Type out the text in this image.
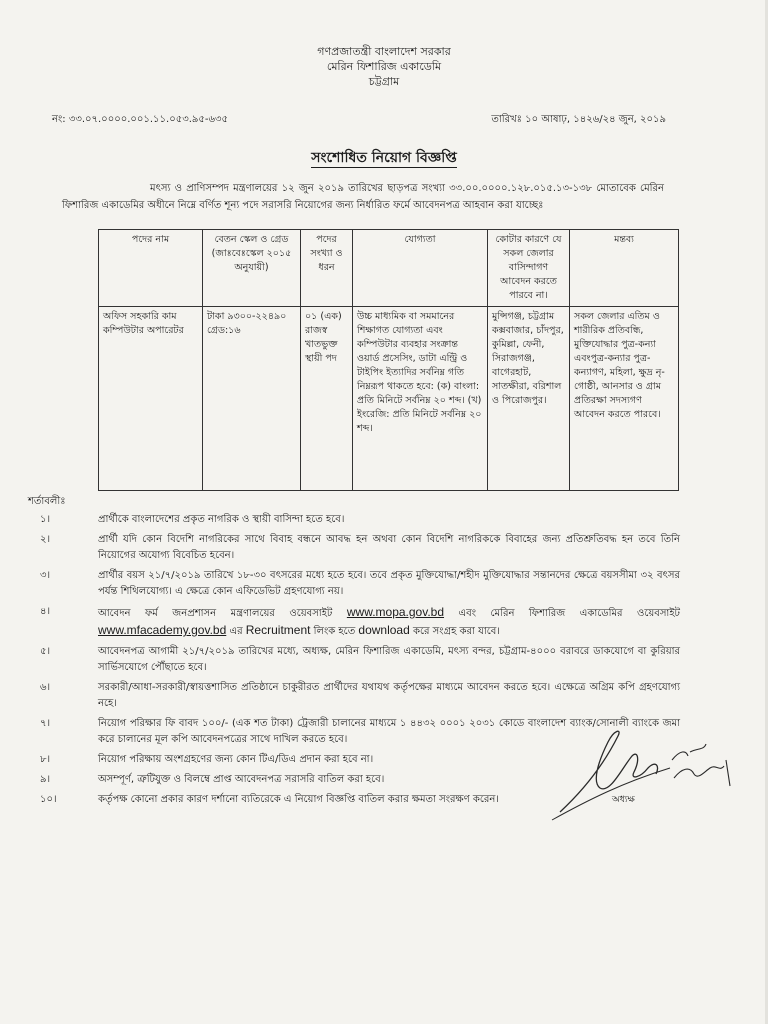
গণপ্রজাতন্ত্রী বাংলাদেশ সরকার
মেরিন ফিশারিজ একাডেমি
চট্টগ্রাম
নং: ৩৩.০৭.০০০০.০০১.১১.০৫৩.৯৫-৬৩৫	তারিখঃ ১০ আষাঢ়, ১৪২৬/২৪ জুন, ২০১৯
সংশোধিত নিয়োগ বিজ্ঞপ্তি
মৎস্য ও প্রাণিসম্পদ মন্ত্রণালয়ের ১২ জুন ২০১৯ তারিখের ছাড়পত্র সংখ্যা ৩৩.০০.০০০০.১২৮.০১৫.১৩-১৩৮ মোতাবেক মেরিন ফিশারিজ একাডেমির অধীনে নিম্নে বর্ণিত শূন্য পদে সরাসরি নিয়োগের জন্য নির্ধারিত ফর্মে আবেদনপত্র আহবান করা যাচ্ছেঃ
পদের নাম	বেতন স্কেল ও গ্রেড (জাঃবেঃস্কেল ২০১৫ অনুযায়ী)	পদের সংখ্যা ও ধরন	যোগ্যতা	কোটার কারণে যে সকল জেলার বাসিন্দাগণ আবেদন করতে পারবে না।	মন্তব্য
অফিস সহকারি কাম কম্পিউটার অপারেটর	টাকা ৯৩০০-২২৪৯০ গ্রেড:১৬	০১ (এক) রাজস্ব খাতভুক্ত স্থায়ী পদ	উচ্চ মাধ্যমিক বা সমমানের শিক্ষাগত যোগ্যতা এবং কম্পিউটার ব্যবহার সংক্রান্ত ওয়ার্ড প্রসেসিং, ডাটা এন্ট্রি ও টাইপিং ইত্যাদির সর্বনিম্ন গতি নিম্নরূপ থাকতে হবে: (ক) বাংলা: প্রতি মিনিটে সর্বনিম্ন ২০ শব্দ। (খ) ইংরেজি: প্রতি মিনিটে সর্বনিম্ন ২০ শব্দ।	মুন্সিগঞ্জ, চট্টগ্রাম কক্সবাজার, চাঁদপুর, কুমিল্লা, ফেনী, সিরাজগঞ্জ, বাগেরহাট, সাতক্ষীরা, বরিশাল ও পিরোজপুর।	সকল জেলার এতিম ও শারীরিক প্রতিবন্ধি, মুক্তিযোদ্ধার পুত্র-কন্যা এবংপুত্র-কন্যার পুত্র-কন্যাগণ, মহিলা, ক্ষুদ্র নৃ-গোষ্ঠী, আনসার ও গ্রাম প্রতিরক্ষা সদস্যগণ আবেদন করতে পারবে।
শর্তাবলীঃ
১।	প্রার্থীকে বাংলাদেশের প্রকৃত নাগরিক ও স্থায়ী বাসিন্দা হতে হবে।
২।	প্রার্থী যদি কোন বিদেশি নাগরিকের সাথে বিবাহ বন্ধনে আবদ্ধ হন অথবা কোন বিদেশি নাগরিককে বিবাহের জন্য প্রতিশ্রুতিবদ্ধ হন তবে তিনি নিয়োগের অযোগ্য বিবেচিত হবেন।
৩।	প্রার্থীর বয়স ২১/৭/২০১৯ তারিখে ১৮-৩০ বৎসরের মধ্যে হতে হবে। তবে প্রকৃত মুক্তিযোদ্ধা/শহীদ মুক্তিযোদ্ধার সন্তানদের ক্ষেত্রে বয়সসীমা ৩২ বৎসর পর্যন্ত শিথিলযোগ্য। এ ক্ষেত্রে কোন এফিডেভিট গ্রহণযোগ্য নয়।
৪।	আবেদন ফর্ম জনপ্রশাসন মন্ত্রণালয়ের ওয়েবসাইট www.mopa.gov.bd এবং মেরিন ফিশারিজ একাডেমির ওয়েবসাইট www.mfacademy.gov.bd এর Recruitment লিংক হতে download করে সংগ্রহ করা যাবে।
৫।	আবেদনপত্র আগামী ২১/৭/২০১৯ তারিখের মধ্যে, অধ্যক্ষ, মেরিন ফিশারিজ একাডেমি, মৎস্য বন্দর, চট্টগ্রাম-৪০০০ বরাবরে ডাকযোগে বা কুরিয়ার সার্ভিসযোগে পৌঁছাতে হবে।
৬।	সরকারী/আধা-সরকারী/স্বায়ত্তশাসিত প্রতিষ্ঠানে চাকুরীরত প্রার্থীদের যথাযথ কর্তৃপক্ষের মাধ্যমে আবেদন করতে হবে। এক্ষেত্রে অগ্রিম কপি গ্রহণযোগ্য নহে।
৭।	নিয়োগ পরিক্ষার ফি বাবদ ১০০/- (এক শত টাকা) ট্রেজারী চালানের মাধ্যমে ১ ৪৪৩২ ০০০১ ২০৩১ কোডে বাংলাদেশ ব্যাংক/সোনালী ব্যাংকে জমা করে চালানের মূল কপি আবেদনপত্রের সাথে দাখিল করতে হবে।
৮।	নিয়োগ পরিক্ষায় অংশগ্রহণের জন্য কোন টিএ/ডিএ প্রদান করা হবে না।
৯।	অসম্পূর্ণ, ত্রুটিযুক্ত ও বিলম্বে প্রাপ্ত আবেদনপত্র সরাসরি বাতিল করা হবে।
১০।	কর্তৃপক্ষ কোনো প্রকার কারণ দর্শানো ব্যতিরেকে এ নিয়োগ বিজ্ঞপ্তি বাতিল করার ক্ষমতা সংরক্ষণ করেন।	অধ্যক্ষ
